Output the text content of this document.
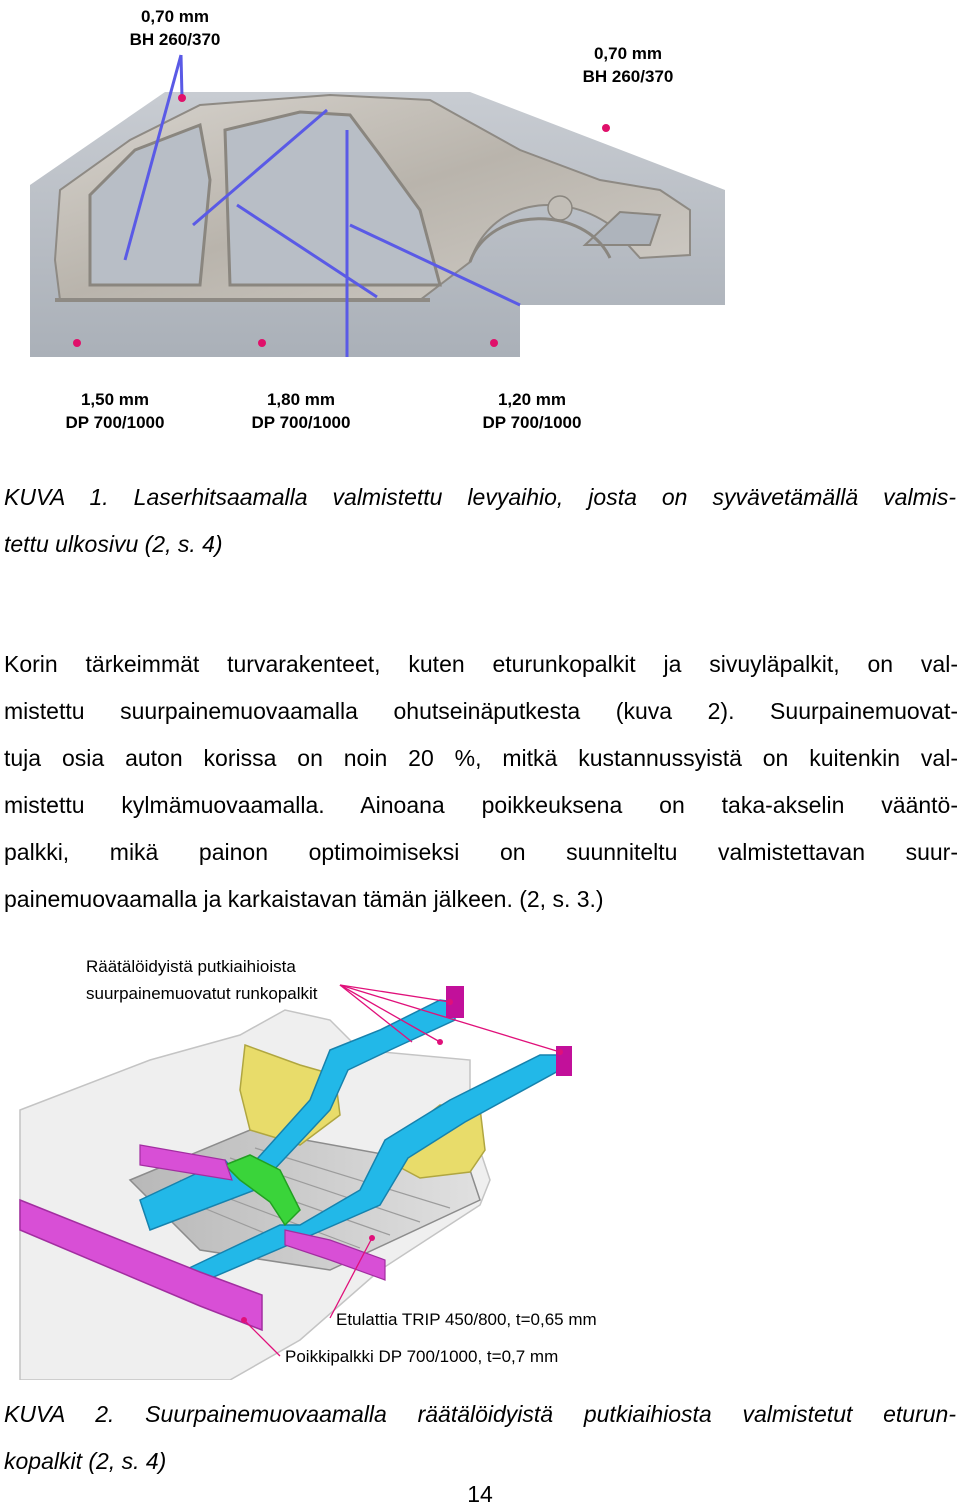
0,70 mm
BH 260/370
0,70 mm
BH 260/370
1,50 mm
DP 700/1000
1,80 mm
DP 700/1000
1,20 mm
DP 700/1000

KUVA 1. Laserhitsaamalla valmistettu levyaihio, josta on syvävetämällä valmis-
tettu ulkosivu (2, s. 4)

Korin tärkeimmät turvarakenteet, kuten eturunkopalkit ja sivuyläpalkit, on val-
mistettu suurpainemuovaamalla ohutseinäputkesta (kuva 2). Suurpainemuovat-
tuja osia auton korissa on noin 20 %, mitkä kustannussyistä on kuitenkin val-
mistettu kylmämuovaamalla. Ainoana poikkeuksena on taka-akselin vääntö-
palkki, mikä painon optimoimiseksi on suunniteltu valmistettavan suur-
painemuovaamalla ja karkaistavan tämän jälkeen. (2, s. 3.)

Räätälöidyistä putkiaihioista
suurpainemuovatut runkopalkit
Etulattia TRIP 450/800, t=0,65 mm
Poikkipalkki DP 700/1000, t=0,7 mm

KUVA 2. Suurpainemuovaamalla räätälöidyistä putkiaihiosta valmistetut eturun-
kopalkit (2, s. 4)

14
